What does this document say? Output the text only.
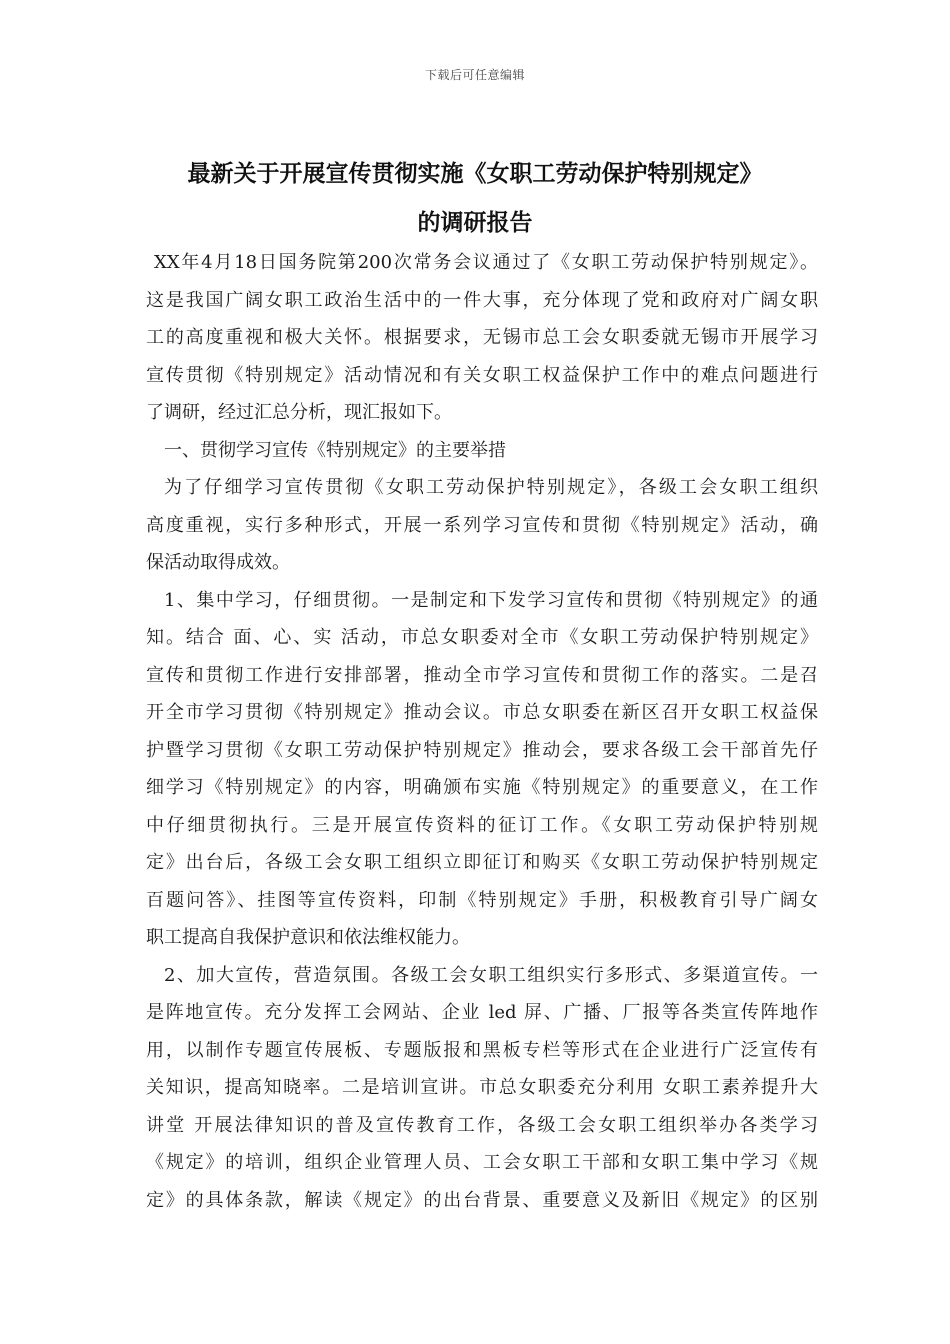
下载后可任意编辑
最新关于开展宣传贯彻实施《女职工劳动保护特别规定》
的调研报告
XX年4月18日国务院第200次常务会议通过了《女职工劳动保护特别规定》。
这是我国广阔女职工政治生活中的一件大事，充分体现了党和政府对广阔女职
工的高度重视和极大关怀。根据要求，无锡市总工会女职委就无锡市开展学习
宣传贯彻《特别规定》活动情况和有关女职工权益保护工作中的难点问题进行
了调研，经过汇总分析，现汇报如下。
一、贯彻学习宣传《特别规定》的主要举措
为了仔细学习宣传贯彻《女职工劳动保护特别规定》，各级工会女职工组织
高度重视，实行多种形式，开展一系列学习宣传和贯彻《特别规定》活动，确
保活动取得成效。
1、集中学习，仔细贯彻。一是制定和下发学习宣传和贯彻《特别规定》的通
知。结合 面、心、实 活动，市总女职委对全市《女职工劳动保护特别规定》
宣传和贯彻工作进行安排部署，推动全市学习宣传和贯彻工作的落实。二是召
开全市学习贯彻《特别规定》推动会议。市总女职委在新区召开女职工权益保
护暨学习贯彻《女职工劳动保护特别规定》推动会，要求各级工会干部首先仔
细学习《特别规定》的内容，明确颁布实施《特别规定》的重要意义，在工作
中仔细贯彻执行。三是开展宣传资料的征订工作。《女职工劳动保护特别规
定》出台后，各级工会女职工组织立即征订和购买《女职工劳动保护特别规定
百题问答》、挂图等宣传资料，印制《特别规定》手册，积极教育引导广阔女
职工提高自我保护意识和依法维权能力。
2、加大宣传，营造氛围。各级工会女职工组织实行多形式、多渠道宣传。一
是阵地宣传。充分发挥工会网站、企业 led 屏、广播、厂报等各类宣传阵地作
用，以制作专题宣传展板、专题版报和黑板专栏等形式在企业进行广泛宣传有
关知识，提高知晓率。二是培训宣讲。市总女职委充分利用 女职工素养提升大
讲堂 开展法律知识的普及宣传教育工作，各级工会女职工组织举办各类学习
《规定》的培训，组织企业管理人员、工会女职工干部和女职工集中学习《规
定》的具体条款，解读《规定》的出台背景、重要意义及新旧《规定》的区别
